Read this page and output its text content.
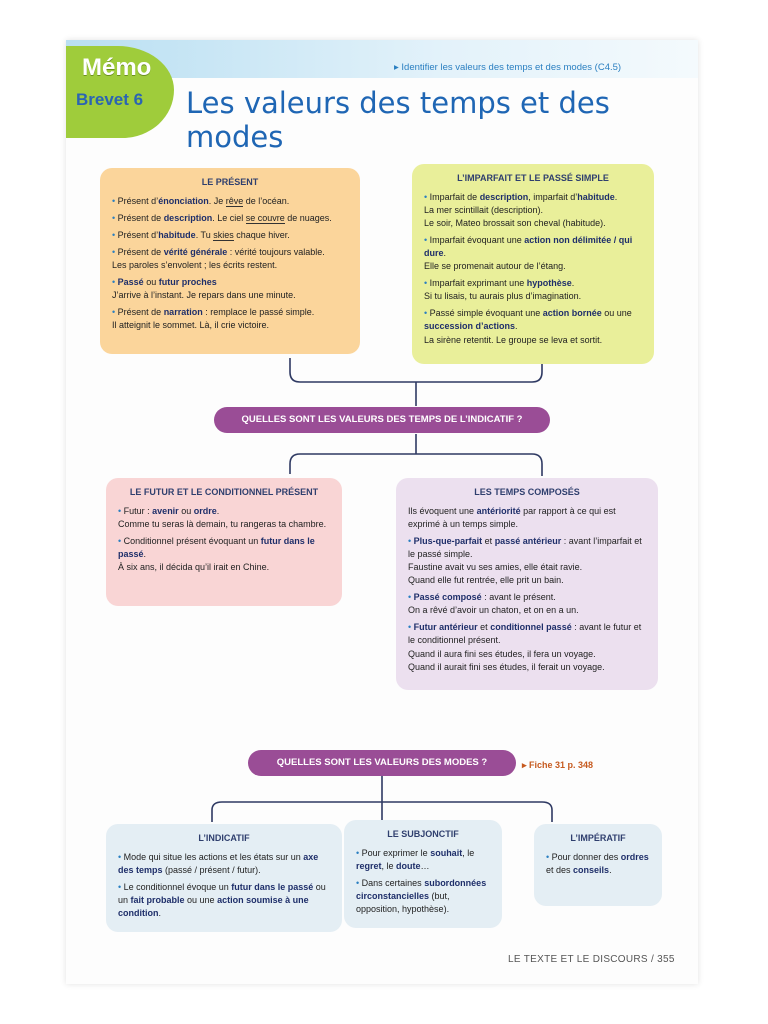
Mémo
Brevet 6
▸ Identifier les valeurs des temps et des modes (C4.5)
Les valeurs des temps et des modes
LE PRÉSENT

• Présent d’énonciation. Je rêve de l’océan.

• Présent de description. Le ciel se couvre de nuages.

• Présent d’habitude. Tu skies chaque hiver.

• Présent de vérité générale : vérité toujours valable.
Les paroles s’envolent ; les écrits restent.

• Passé ou futur proches
J’arrive à l’instant. Je repars dans une minute.

• Présent de narration : remplace le passé simple.
Il atteignit le sommet. Là, il crie victoire.

L’IMPARFAIT ET LE PASSÉ SIMPLE

• Imparfait de description, imparfait d’habitude.
La mer scintillait (description).
Le soir, Mateo brossait son cheval (habitude).

• Imparfait évoquant une action non délimitée / qui dure.
Elle se promenait autour de l’étang.

• Imparfait exprimant une hypothèse.
Si tu lisais, tu aurais plus d’imagination.

• Passé simple évoquant une action bornée ou une succession d’actions.
La sirène retentit. Le groupe se leva et sortit.

QUELLES SONT LES VALEURS DES TEMPS DE L’INDICATIF ?
LE FUTUR ET LE CONDITIONNEL PRÉSENT

• Futur : avenir ou ordre.
Comme tu seras là demain, tu rangeras ta chambre.

• Conditionnel présent évoquant un futur dans le passé.
À six ans, il décida qu’il irait en Chine.

LES TEMPS COMPOSÉS

Ils évoquent une antériorité par rapport à ce qui est exprimé à un temps simple.

• Plus-que-parfait et passé antérieur : avant l’imparfait et le passé simple.
Faustine avait vu ses amies, elle était ravie.
Quand elle fut rentrée, elle prit un bain.

• Passé composé : avant le présent.
On a rêvé d’avoir un chaton, et on en a un.

• Futur antérieur et conditionnel passé : avant le futur et le conditionnel présent.
Quand il aura fini ses études, il fera un voyage.
Quand il aurait fini ses études, il ferait un voyage.

QUELLES SONT LES VALEURS DES MODES ?	▸ Fiche 31 p. 348
L’INDICATIF

• Mode qui situe les actions et les états sur un axe des temps (passé / présent / futur).

• Le conditionnel évoque un futur dans le passé ou un fait probable ou une action soumise à une condition.

LE SUBJONCTIF

• Pour exprimer le souhait, le regret, le doute…

• Dans certaines subordonnées circonstancielles (but, opposition, hypothèse).

L’IMPÉRATIF

• Pour donner des ordres et des conseils.

LE TEXTE ET LE DISCOURS / 355
